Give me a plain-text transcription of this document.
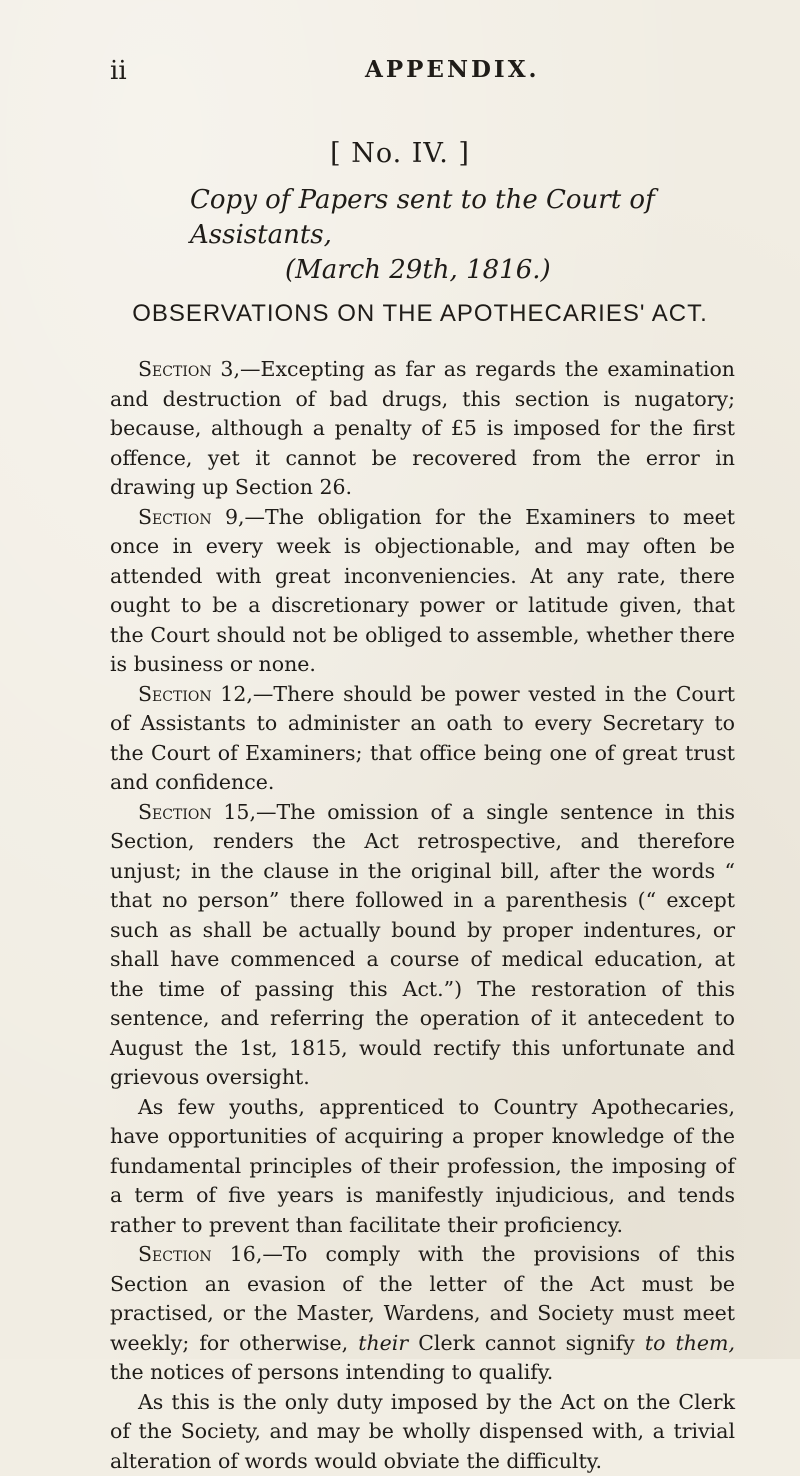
ii	APPENDIX.
[ No. IV. ]
Copy of Papers sent to the Court of Assistants,
(March 29th, 1816.)
OBSERVATIONS ON THE APOTHECARIES' ACT.

Section 3,—Excepting as far as regards the examination and destruction of bad drugs, this section is nugatory; because, although a penalty of £5 is imposed for the first offence, yet it cannot be recovered from the error in drawing up Section 26.

Section 9,—The obligation for the Examiners to meet once in every week is objectionable, and may often be attended with great inconveniencies. At any rate, there ought to be a discretionary power or latitude given, that the Court should not be obliged to assemble, whether there is business or none.

Section 12,—There should be power vested in the Court of Assistants to administer an oath to every Secretary to the Court of Examiners; that office being one of great trust and confidence.

Section 15,—The omission of a single sentence in this Section, renders the Act retrospective, and therefore unjust; in the clause in the original bill, after the words “ that no person” there followed in a parenthesis (“ except such as shall be actually bound by proper indentures, or shall have commenced a course of medical education, at the time of passing this Act.”) The restoration of this sentence, and referring the operation of it antecedent to August the 1st, 1815, would rectify this unfortunate and grievous oversight.

As few youths, apprenticed to Country Apothecaries, have opportunities of acquiring a proper knowledge of the fundamental principles of their profession, the imposing of a term of five years is manifestly injudicious, and tends rather to prevent than facilitate their proficiency.

Section 16,—To comply with the provisions of this Section an evasion of the letter of the Act must be practised, or the Master, Wardens, and Society must meet weekly; for otherwise, their Clerk cannot signify to them, the notices of persons intending to qualify.

As this is the only duty imposed by the Act on the Clerk of the Society, and may be wholly dispensed with, a trivial alteration of words would obviate the difficulty.
